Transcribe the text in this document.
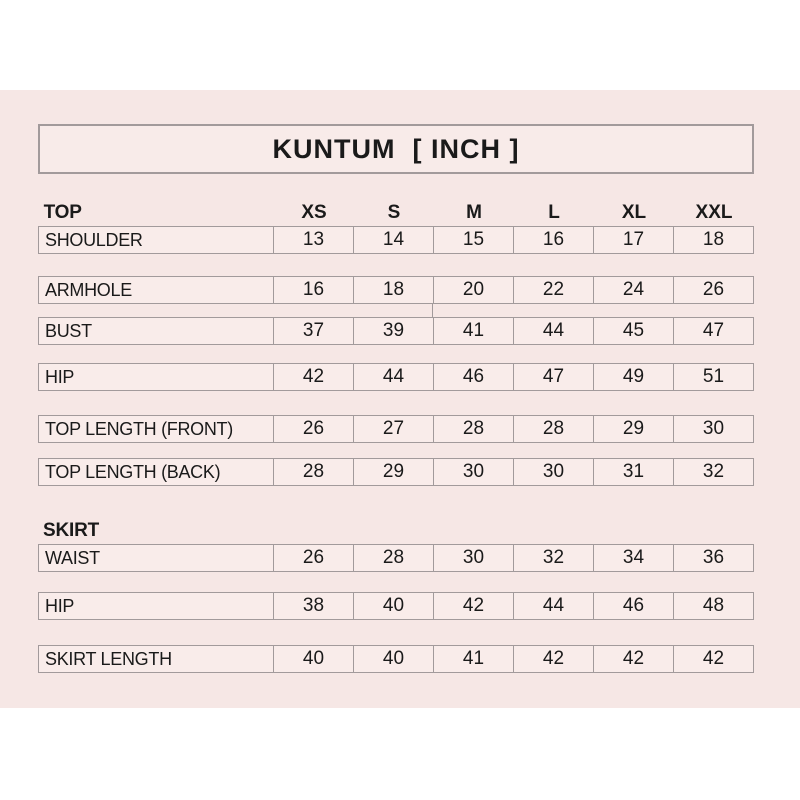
KUNTUM  [ INCH ]
TOP	XS	S	M	L	XL	XXL
SHOULDER	13	14	15	16	17	18
ARMHOLE	16	18	20	22	24	26
BUST	37	39	41	44	45	47
HIP	42	44	46	47	49	51
TOP LENGTH (FRONT)	26	27	28	28	29	30
TOP LENGTH (BACK)	28	29	30	30	31	32
SKIRT
WAIST	26	28	30	32	34	36
HIP	38	40	42	44	46	48
SKIRT LENGTH	40	40	41	42	42	42
